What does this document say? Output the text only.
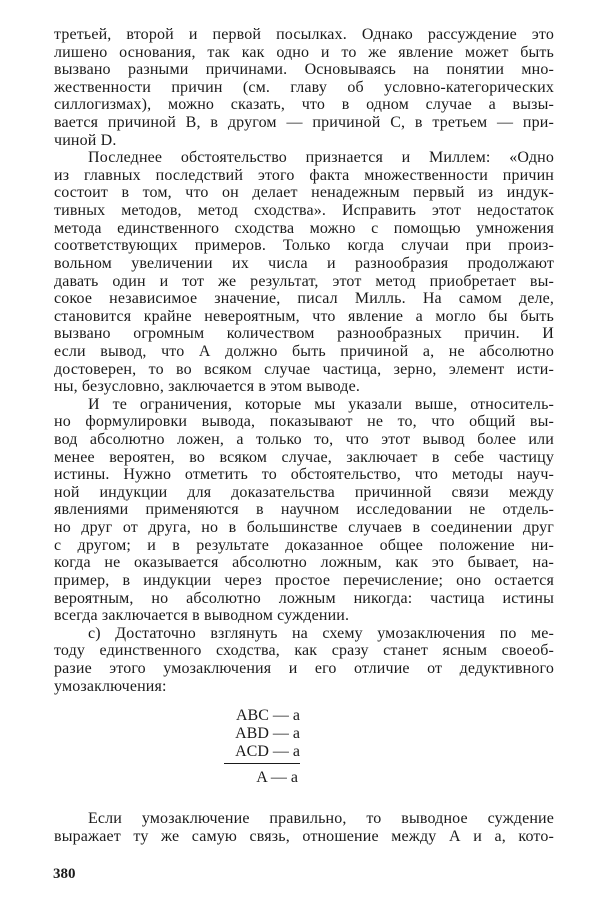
третьей, второй и первой посылках. Однако рассуждение это
лишено основания, так как одно и то же явление может быть
вызвано разными причинами. Основываясь на понятии мно-
жественности причин (см. главу об условно-категорических
силлогизмах), можно сказать, что в одном случае а вызы-
вается причиной В, в другом — причиной С, в третьем — при-
чиной D.
Последнее обстоятельство признается и Миллем: «Одно
из главных последствий этого факта множественности причин
состоит в том, что он делает ненадежным первый из индук-
тивных методов, метод сходства». Исправить этот недостаток
метода единственного сходства можно с помощью умножения
соответствующих примеров. Только когда случаи при произ-
вольном увеличении их числа и разнообразия продолжают
давать один и тот же результат, этот метод приобретает вы-
сокое независимое значение, писал Милль. На самом деле,
становится крайне невероятным, что явление а могло бы быть
вызвано огромным количеством разнообразных причин. И
если вывод, что А должно быть причиной а, не абсолютно
достоверен, то во всяком случае частица, зерно, элемент исти-
ны, безусловно, заключается в этом выводе.
И те ограничения, которые мы указали выше, относитель-
но формулировки вывода, показывают не то, что общий вы-
вод абсолютно ложен, а только то, что этот вывод более или
менее вероятен, во всяком случае, заключает в себе частицу
истины. Нужно отметить то обстоятельство, что методы науч-
ной индукции для доказательства причинной связи между
явлениями применяются в научном исследовании не отдель-
но друг от друга, но в большинстве случаев в соединении друг
с другом; и в результате доказанное общее положение ни-
когда не оказывается абсолютно ложным, как это бывает, на-
пример, в индукции через простое перечисление; оно остается
вероятным, но абсолютно ложным никогда: частица истины
всегда заключается в выводном суждении.
с) Достаточно взглянуть на схему умозаключения по ме-
тоду единственного сходства, как сразу станет ясным своеоб-
разие этого умозаключения и его отличие от дедуктивного
умозаключения:
ABC — a
ABD — a
ACD — a
A — a
Если умозаключение правильно, то выводное суждение
выражает ту же самую связь, отношение между А и а, кото-
380
